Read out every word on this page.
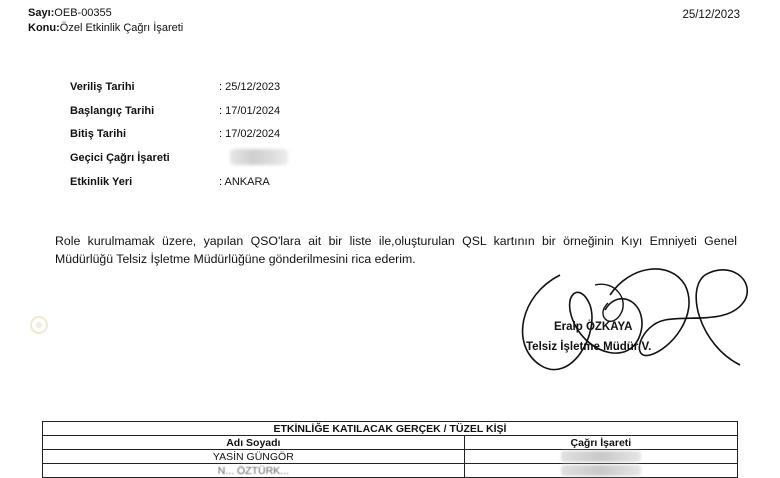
Sayı:OEB-00355
Konu:Özel Etkinlik Çağrı İşareti
25/12/2023
Veriliş Tarihi	: 25/12/2023
Başlangıç Tarihi	: 17/01/2024
Bitiş Tarihi	: 17/02/2024
Geçici Çağrı İşareti
Etkinlik Yeri	: ANKARA
Role kurulmamak üzere, yapılan QSO'lara ait bir liste ile,oluşturulan QSL kartının bir örneğinin Kıyı Emniyeti Genel Müdürlüğü Telsiz İşletme Müdürlüğüne gönderilmesini rica ederim.
Eralp ÖZKAYA
Telsiz İşletme Müdür V.
ETKİNLİĞE KATILACAK GERÇEK / TÜZEL KİŞİ	
Adı Soyadı	Çağrı İşareti
YASİN GÜNGÖR	
N... ÖZTÜRK...	
